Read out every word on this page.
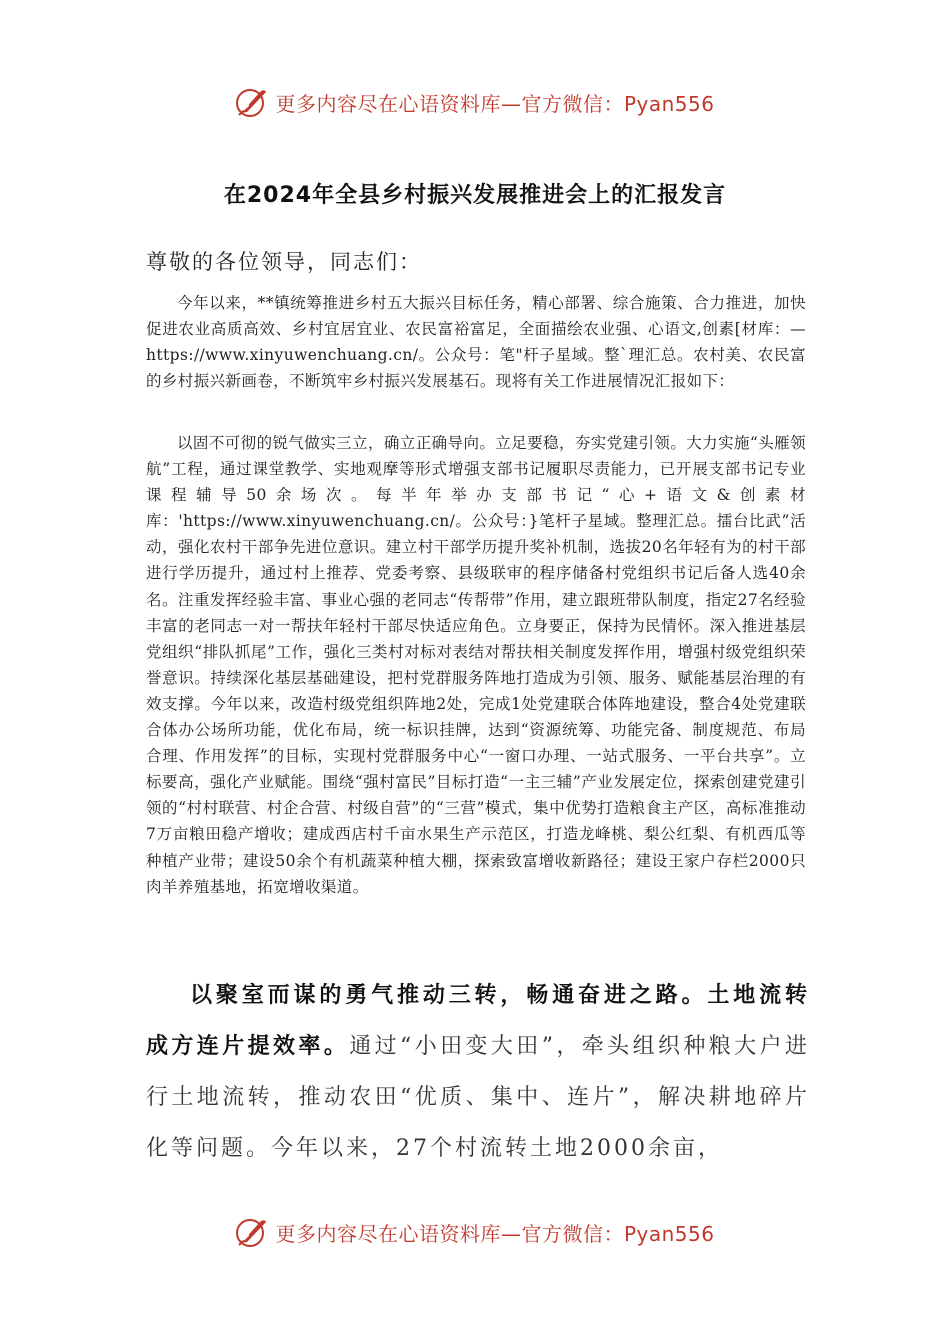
更多内容尽在心语资料库—官方微信：Pyan556
在2024年全县乡村振兴发展推进会上的汇报发言
尊敬的各位领导，同志们：

今年以来，**镇统筹推进乡村五大振兴目标任务，精心部署、综合施策、合力推进，加快促进农业高质高效、乡村宜居宜业、农民富裕富足，全面描绘农业强、心语文,创素[材库：—https://www.xinyuwenchuang.cn/。公众号：笔"杆子星域。整`理汇总。农村美、农民富的乡村振兴新画卷，不断筑牢乡村振兴发展基石。现将有关工作进展情况汇报如下：

以固不可彻的锐气做实三立，确立正确导向。立足要稳，夯实党建引领。大力实施“头雁领航”工程，通过课堂教学、实地观摩等形式增强支部书记履职尽责能力，已开展支部书记专业课程辅导50余场次。每半年举办支部书记“心+语文&创素材库：'https://www.xinyuwenchuang.cn/。公众号：}笔杆子星域。整理汇总。擂台比武”活动，强化农村干部争先进位意识。建立村干部学历提升奖补机制，选拔20名年轻有为的村干部进行学历提升，通过村上推荐、党委考察、县级联审的程序储备村党组织书记后备人选40余名。注重发挥经验丰富、事业心强的老同志“传帮带”作用，建立跟班带队制度，指定27名经验丰富的老同志一对一帮扶年轻村干部尽快适应角色。立身要正，保持为民情怀。深入推进基层党组织“排队抓尾”工作，强化三类村对标对表结对帮扶相关制度发挥作用，增强村级党组织荣誉意识。持续深化基层基础建设，把村党群服务阵地打造成为引领、服务、赋能基层治理的有效支撑。今年以来，改造村级党组织阵地2处，完成1处党建联合体阵地建设，整合4处党建联合体办公场所功能，优化布局，统一标识挂牌，达到“资源统筹、功能完备、制度规范、布局合理、作用发挥”的目标，实现村党群服务中心“一窗口办理、一站式服务、一平台共享”。立标要高，强化产业赋能。围绕“强村富民”目标打造“一主三辅”产业发展定位，探索创建党建引领的“村村联营、村企合营、村级自营”的“三营”模式，集中优势打造粮食主产区，高标准推动7万亩粮田稳产增收；建成西店村千亩水果生产示范区，打造龙峰桃、梨公红梨、有机西瓜等种植产业带；建设50余个有机蔬菜种植大棚，探索致富增收新路径；建设王家户存栏2000只肉羊养殖基地，拓宽增收渠道。

以聚室而谋的勇气推动三转，畅通奋进之路。土地流转成方连片提效率。通过“小田变大田”，牵头组织种粮大户进行土地流转，推动农田“优质、集中、连片”，解决耕地碎片化等问题。今年以来，27个村流转土地2000余亩，

更多内容尽在心语资料库—官方微信：Pyan556
